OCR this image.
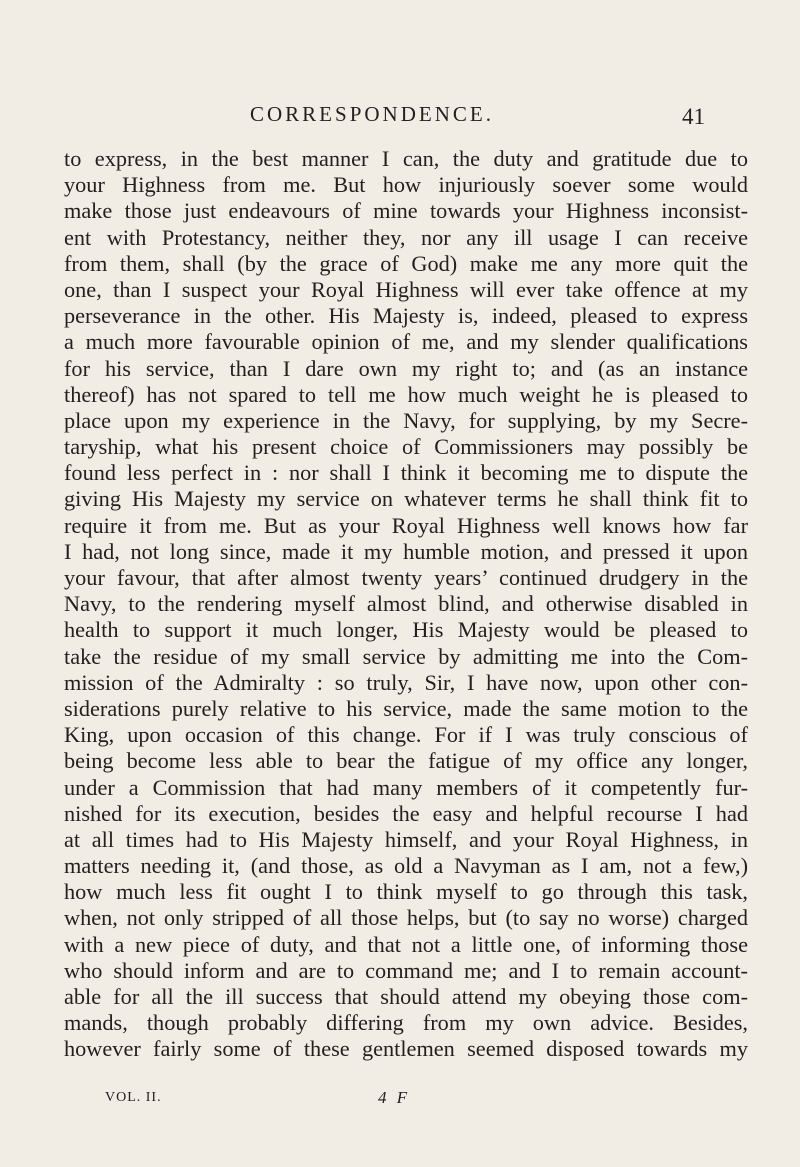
CORRESPONDENCE.	41
to express, in the best manner I can, the duty and gratitude due to
your Highness from me. But how injuriously soever some would
make those just endeavours of mine towards your Highness inconsist-
ent with Protestancy, neither they, nor any ill usage I can receive
from them, shall (by the grace of God) make me any more quit the
one, than I suspect your Royal Highness will ever take offence at my
perseverance in the other. His Majesty is, indeed, pleased to express
a much more favourable opinion of me, and my slender qualifications
for his service, than I dare own my right to; and (as an instance
thereof) has not spared to tell me how much weight he is pleased to
place upon my experience in the Navy, for supplying, by my Secre-
taryship, what his present choice of Commissioners may possibly be
found less perfect in : nor shall I think it becoming me to dispute the
giving His Majesty my service on whatever terms he shall think fit to
require it from me. But as your Royal Highness well knows how far
I had, not long since, made it my humble motion, and pressed it upon
your favour, that after almost twenty years’ continued drudgery in the
Navy, to the rendering myself almost blind, and otherwise disabled in
health to support it much longer, His Majesty would be pleased to
take the residue of my small service by admitting me into the Com-
mission of the Admiralty : so truly, Sir, I have now, upon other con-
siderations purely relative to his service, made the same motion to the
King, upon occasion of this change. For if I was truly conscious of
being become less able to bear the fatigue of my office any longer,
under a Commission that had many members of it competently fur-
nished for its execution, besides the easy and helpful recourse I had
at all times had to His Majesty himself, and your Royal Highness, in
matters needing it, (and those, as old a Navyman as I am, not a few,)
how much less fit ought I to think myself to go through this task,
when, not only stripped of all those helps, but (to say no worse) charged
with a new piece of duty, and that not a little one, of informing those
who should inform and are to command me; and I to remain account-
able for all the ill success that should attend my obeying those com-
mands, though probably differing from my own advice. Besides,
however fairly some of these gentlemen seemed disposed towards my
VOL. II.	4 F
